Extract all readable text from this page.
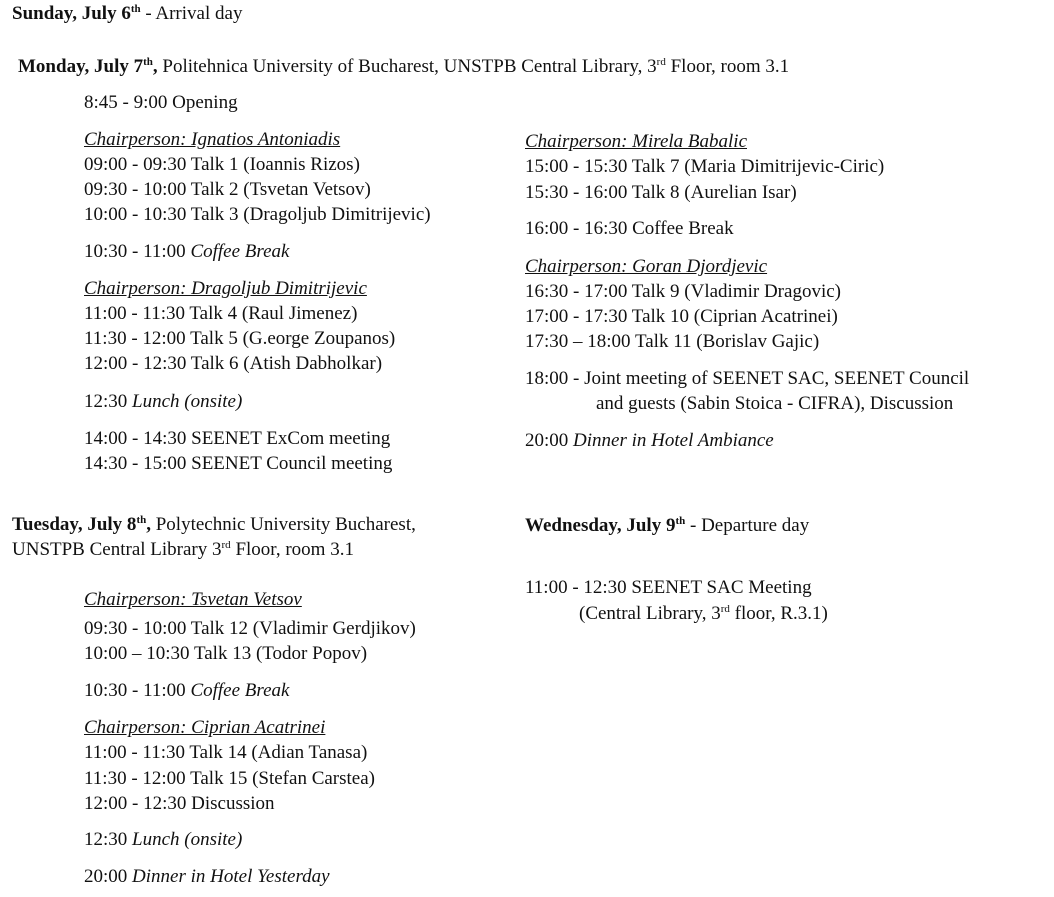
Sunday, July 6th - Arrival day
Monday, July 7th, Politehnica University of Bucharest, UNSTPB Central Library, 3rd Floor, room 3.1
8:45 - 9:00 Opening
Chairperson: Ignatios Antoniadis
09:00 - 09:30 Talk 1 (Ioannis Rizos)
09:30 - 10:00 Talk 2 (Tsvetan Vetsov)
10:00 - 10:30 Talk 3 (Dragoljub Dimitrijevic)
10:30 - 11:00 Coffee Break
Chairperson: Dragoljub Dimitrijevic
11:00 - 11:30 Talk 4 (Raul Jimenez)
11:30 - 12:00 Talk 5 (G.eorge Zoupanos)
12:00 - 12:30 Talk 6 (Atish Dabholkar)
12:30 Lunch (onsite)
14:00 - 14:30 SEENET ExCom meeting
14:30 - 15:00 SEENET Council meeting
Chairperson: Mirela Babalic
15:00 - 15:30 Talk 7 (Maria Dimitrijevic-Ciric)
15:30 - 16:00 Talk 8 (Aurelian Isar)
16:00 - 16:30 Coffee Break
Chairperson: Goran Djordjevic
16:30 - 17:00 Talk 9 (Vladimir Dragovic)
17:00 - 17:30 Talk 10 (Ciprian Acatrinei)
17:30 – 18:00 Talk 11 (Borislav Gajic)
18:00 - Joint meeting of SEENET SAC, SEENET Council
and guests (Sabin Stoica - CIFRA), Discussion
20:00 Dinner in Hotel Ambiance
Tuesday, July 8th, Polytechnic University Bucharest,
UNSTPB Central Library 3rd Floor, room 3.1
Chairperson: Tsvetan Vetsov
09:30 - 10:00 Talk 12 (Vladimir Gerdjikov)
10:00 – 10:30 Talk 13 (Todor Popov)
10:30 - 11:00 Coffee Break
Chairperson: Ciprian Acatrinei
11:00 - 11:30 Talk 14 (Adian Tanasa)
11:30 - 12:00 Talk 15 (Stefan Carstea)
12:00 - 12:30 Discussion
12:30 Lunch (onsite)
20:00 Dinner in Hotel Yesterday
Wednesday, July 9th - Departure day
11:00 - 12:30 SEENET SAC Meeting
(Central Library, 3rd floor, R.3.1)
